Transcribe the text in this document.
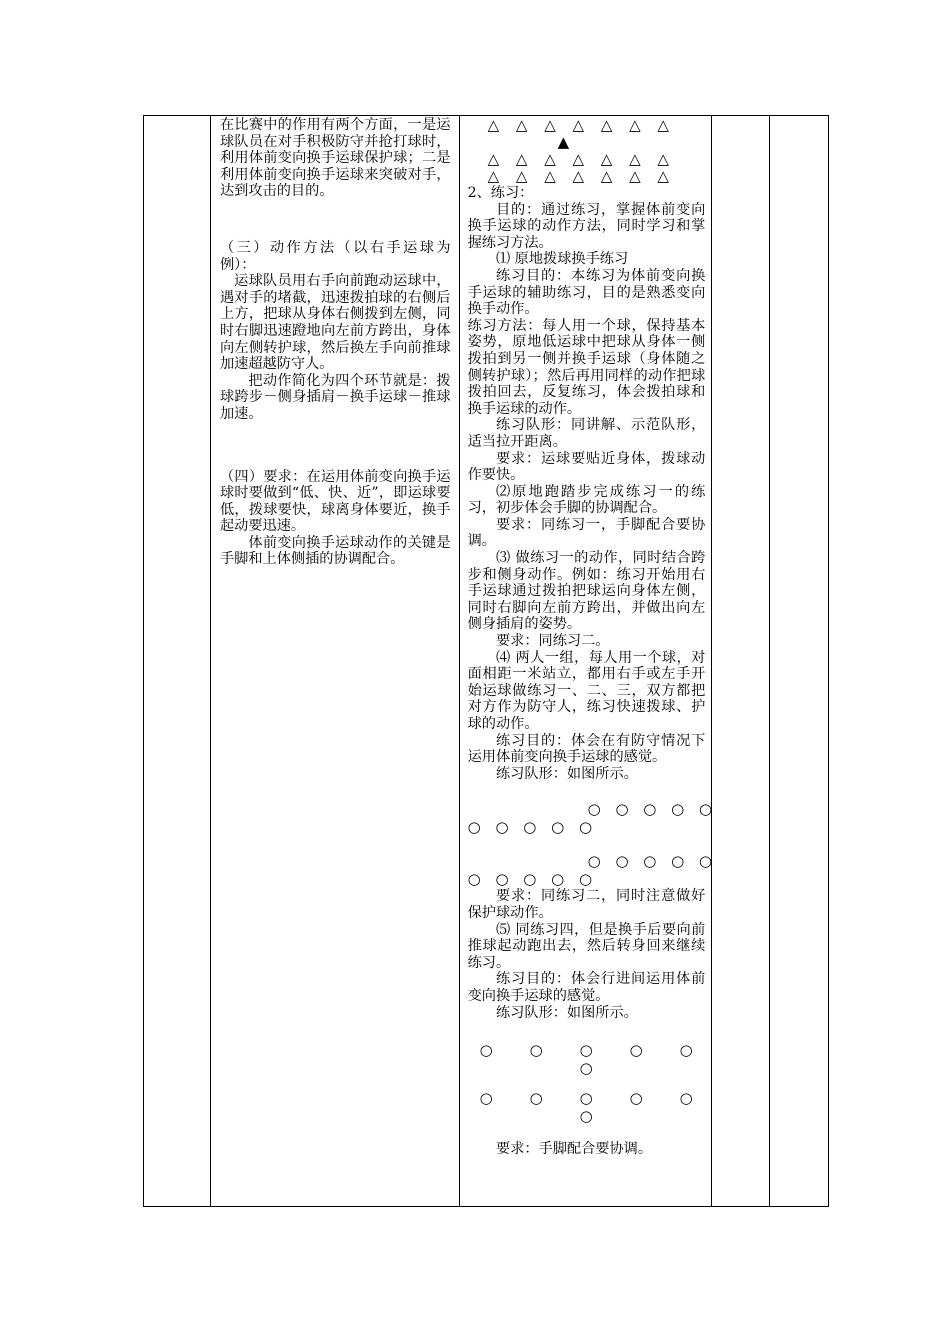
在比赛中的作用有两个方面，一是运球队员在对手积极防守并抢打球时，利用体前变向换手运球保护球；二是利用体前变向换手运球来突破对手，达到攻击的目的。

（三）动作方法（以右手运球为例）：

运球队员用右手向前跑动运球中，遇对手的堵截，迅速拨拍球的右侧后上方，把球从身体右侧拨到左侧，同时右脚迅速蹬地向左前方跨出，身体向左侧转护球，然后换左手向前推球加速超越防守人。

把动作简化为四个环节就是：拨球跨步－侧身插肩－换手运球－推球加速。

（四）要求：在运用体前变向换手运球时要做到“低、快、近”，即运球要低，拨球要快，球离身体要近，换手起动要迅速。

体前变向换手运球动作的关键是手脚和上体侧插的协调配合。

△ △ △ △ △ △ △
▲
△ △ △ △ △ △ △
△ △ △ △ △ △ △

2、练习：

目的：通过练习，掌握体前变向换手运球的动作方法，同时学习和掌握练习方法。

⑴ 原地拨球换手练习

练习目的：本练习为体前变向换手运球的辅助练习，目的是熟悉变向换手动作。

练习方法：每人用一个球，保持基本姿势，原地低运球中把球从身体一侧拨拍到另一侧并换手运球（身体随之侧转护球）；然后再用同样的动作把球拨拍回去，反复练习，体会拨拍球和换手运球的动作。

练习队形：同讲解、示范队形，适当拉开距离。

要求：运球要贴近身体，拨球动作要快。

⑵原地跑踏步完成练习一的练习，初步体会手脚的协调配合。

要求：同练习一，手脚配合要协调。

⑶ 做练习一的动作，同时结合跨步和侧身动作。例如：练习开始用右手运球通过拨拍把球运向身体左侧，同时右脚向左前方跨出，并做出向左侧身插肩的姿势。

要求：同练习二。

⑷ 两人一组，每人用一个球，对面相距一米站立，都用右手或左手开始运球做练习一、二、三，双方都把对方作为防守人，练习快速拨球、护球的动作。

练习目的：体会在有防守情况下运用体前变向换手运球的感觉。

练习队形：如图所示。

○ ○ ○ ○ ○
○ ○ ○ ○ ○
○ ○ ○ ○ ○
○ ○ ○ ○ ○

要求：同练习二，同时注意做好保护球动作。

⑸ 同练习四，但是换手后要向前推球起动跑出去，然后转身回来继续练习。

练习目的：体会行进间运用体前变向换手运球的感觉。

练习队形：如图所示。

○ ○ ○ ○ ○
○
○ ○ ○ ○ ○
○

要求：手脚配合要协调。
